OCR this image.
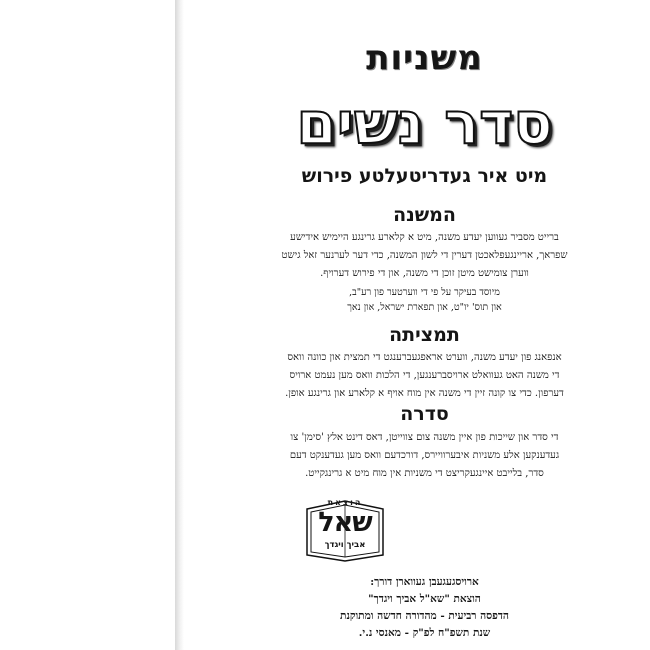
משניות
סדר נשים
מיט איר געדריטעלטע פירוש
המשנה
ברייט מסביר געווען יעדע משנה, מיט א קלארע גרינגע היימיש אידישע
שפראך, אריינגעפלאכטן דערין די לשון המשנה, כדי דער לערנער זאל גישט
ווערן צומישט מיטן זוכן די משנה, און די פירוש דערויף.
מיוסד בעיקר על פי די ווערטער פון רע"ב,
און תוס' יו"ט, און תפארת ישראל, און נאך
תמציתה
אנפאנג פון יעדע משנה, ווערט אראפגעברענגט די תמצית און כוונה וואס
די משנה האט געוואלט ארויסברענגען, די הלכות וואס מען נעמט ארויס
דערפון. כדי צו קונה זיין די משנה אין מוח אויף א קלארע און גרינגע אופן.
סדרה
די סדר און שייכות פון איין משנה צום צווייטן, דאס דינט אלץ 'סימן' צו
געדענקען אלע משניות איבערוויירס, דורכדעם וואס מען געדענקט דעם
סדר, בלייבט איינגעקריצט די משניות אין מוח מיט א גרינגקייט.
הוצאת
שאל
אביך ויגדך
ארויסגעגעבן געווארן דורך:
הוצאת "שא"ל אביך ויגדך"
הדפסה רביעית - מהדורה חדשה ומתוקנת
שנת תשפ"ח לפ"ק - מאנסי נ.י.
